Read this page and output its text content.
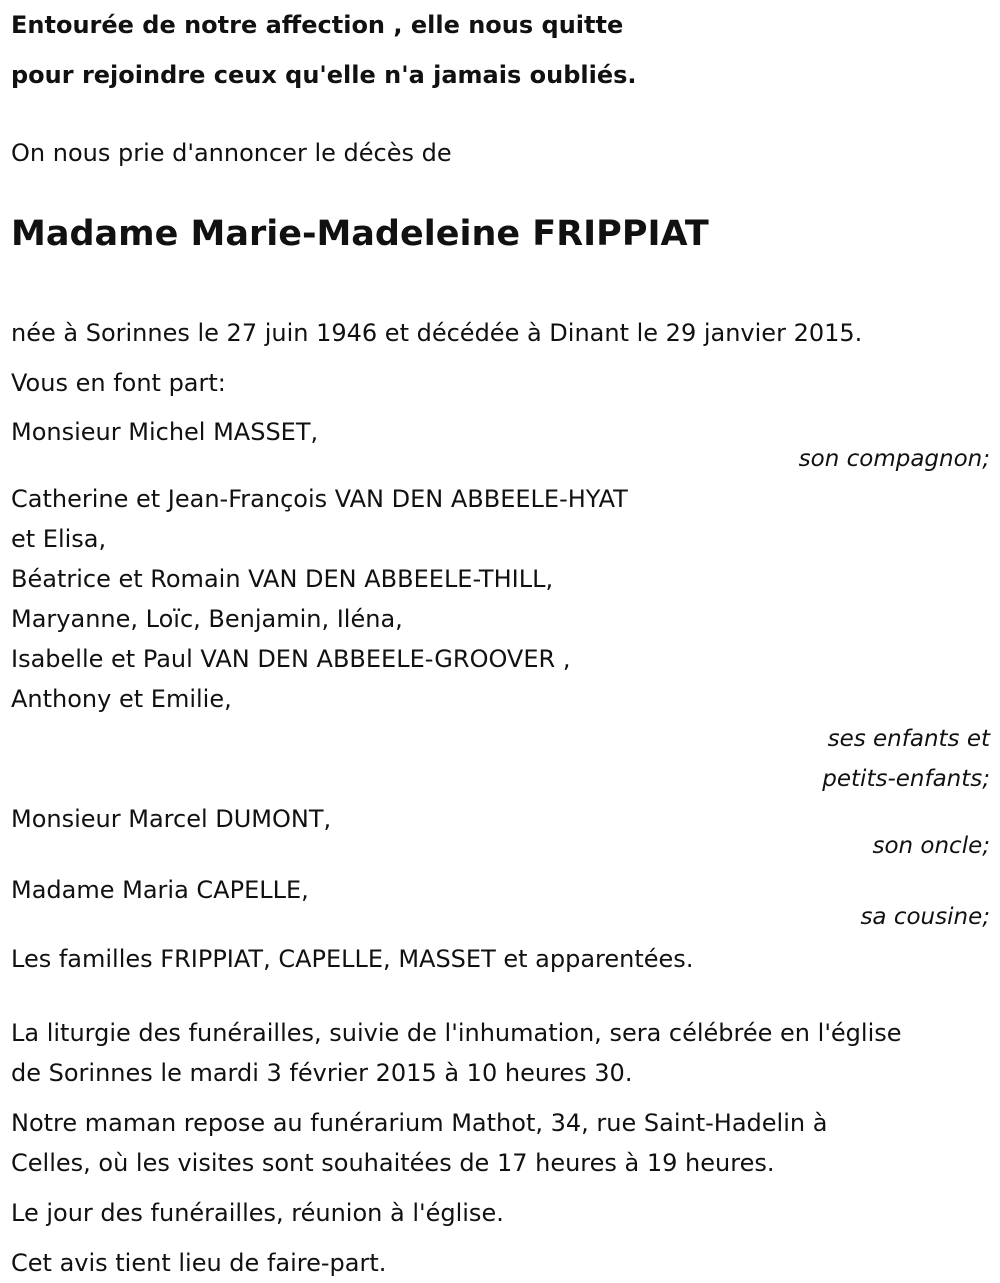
Entourée de notre affection , elle nous quitte

pour rejoindre ceux qu'elle n'a jamais oubliés.

On nous prie d'annoncer le décès de

Madame Marie-Madeleine FRIPPIAT

née à Sorinnes le 27 juin 1946 et décédée à Dinant le 29 janvier 2015.

Vous en font part:

Monsieur Michel MASSET,

son compagnon;

Catherine et Jean-François VAN DEN ABBEELE-HYAT

et Elisa,

Béatrice et Romain VAN DEN ABBEELE-THILL,

Maryanne, Loïc, Benjamin, Iléna,

Isabelle et Paul VAN DEN ABBEELE-GROOVER ,

Anthony et Emilie,

ses enfants et

petits-enfants;

Monsieur Marcel DUMONT,

son oncle;

Madame Maria CAPELLE,

sa cousine;

Les familles FRIPPIAT, CAPELLE, MASSET et apparentées.

La liturgie des funérailles, suivie de l'inhumation, sera célébrée en l'église

de Sorinnes le mardi 3 février 2015 à 10 heures 30.

Notre maman repose au funérarium Mathot, 34, rue Saint-Hadelin à

Celles, où les visites sont souhaitées de 17 heures à 19 heures.

Le jour des funérailles, réunion à l'église.

Cet avis tient lieu de faire-part.
